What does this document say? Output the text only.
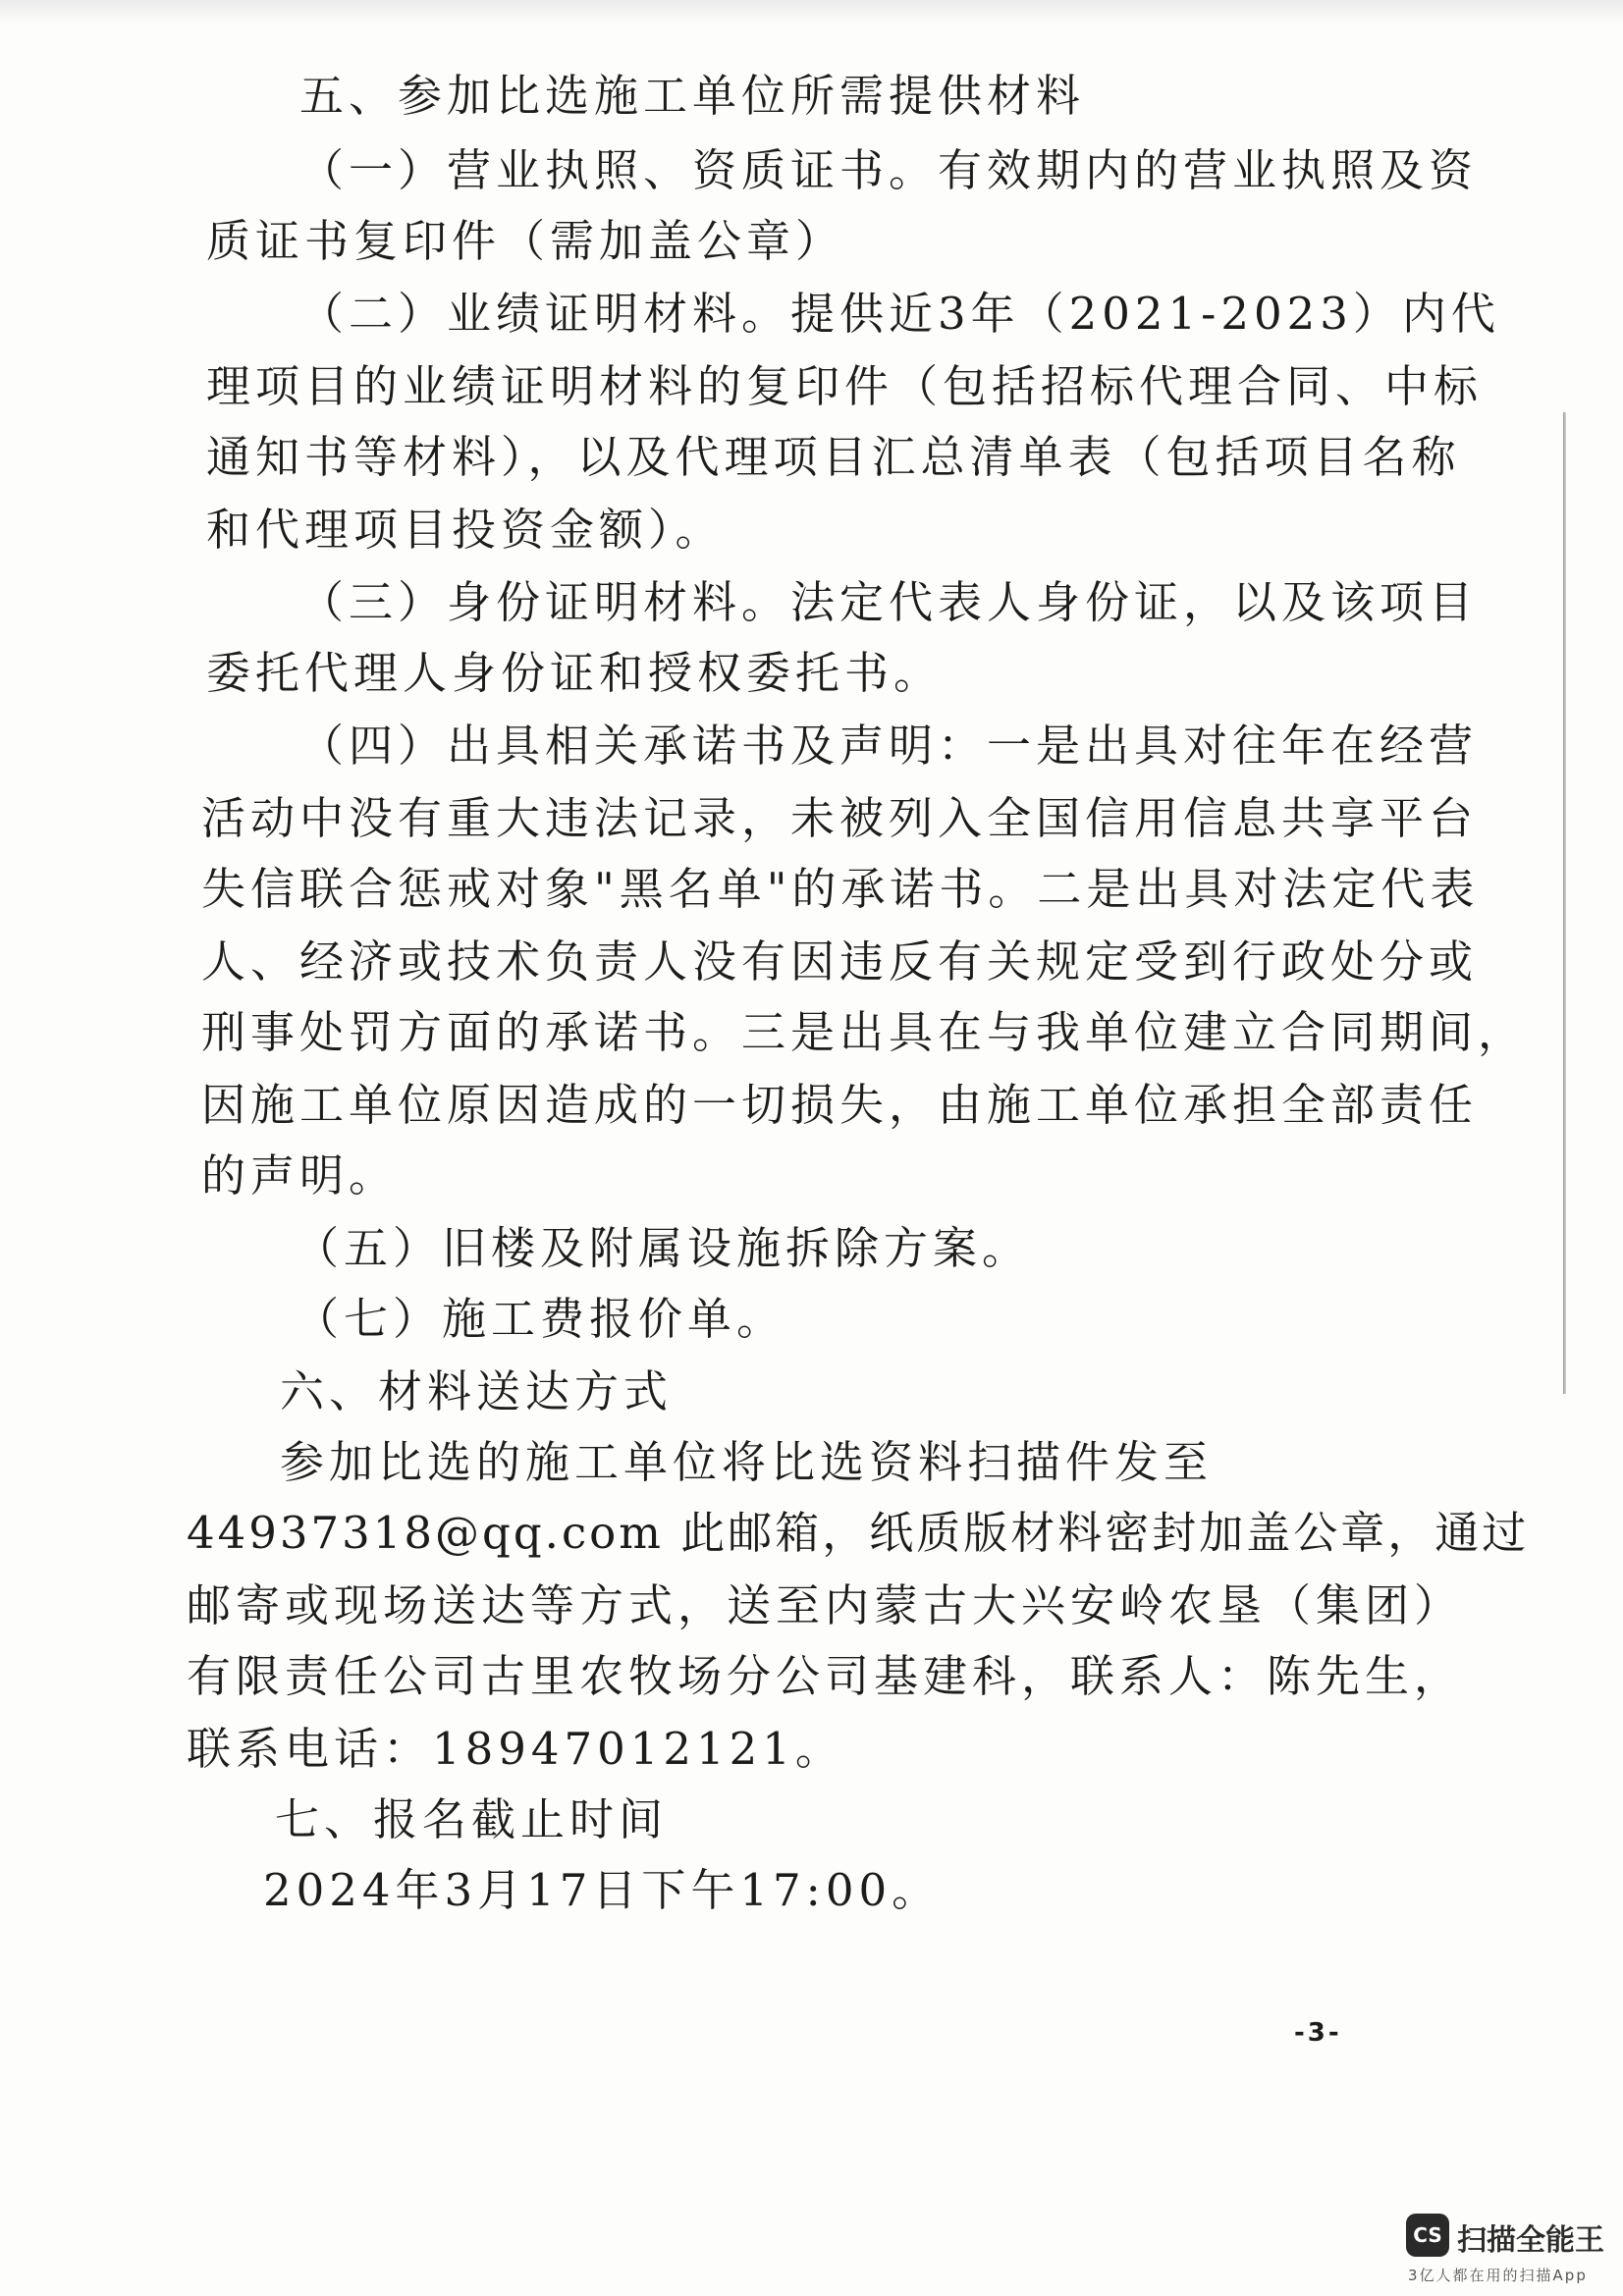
五、参加比选施工单位所需提供材料
（一）营业执照、资质证书。有效期内的营业执照及资
质证书复印件（需加盖公章）
（二）业绩证明材料。提供近3年（2021-2023）内代
理项目的业绩证明材料的复印件（包括招标代理合同、中标
通知书等材料），以及代理项目汇总清单表（包括项目名称
和代理项目投资金额）。
（三）身份证明材料。法定代表人身份证，以及该项目
委托代理人身份证和授权委托书。
（四）出具相关承诺书及声明：一是出具对往年在经营
活动中没有重大违法记录，未被列入全国信用信息共享平台
失信联合惩戒对象"黑名单"的承诺书。二是出具对法定代表
人、经济或技术负责人没有因违反有关规定受到行政处分或
刑事处罚方面的承诺书。三是出具在与我单位建立合同期间，
因施工单位原因造成的一切损失，由施工单位承担全部责任
的声明。
（五）旧楼及附属设施拆除方案。
（七）施工费报价单。
六、材料送达方式
参加比选的施工单位将比选资料扫描件发至
44937318@qq.com 此邮箱，纸质版材料密封加盖公章，通过
邮寄或现场送达等方式，送至内蒙古大兴安岭农垦（集团）
有限责任公司古里农牧场分公司基建科，联系人：陈先生，
联系电话：18947012121。
七、报名截止时间
2024年3月17日下午17:00。
-3-
CS 扫描全能王
3亿人都在用的扫描App
